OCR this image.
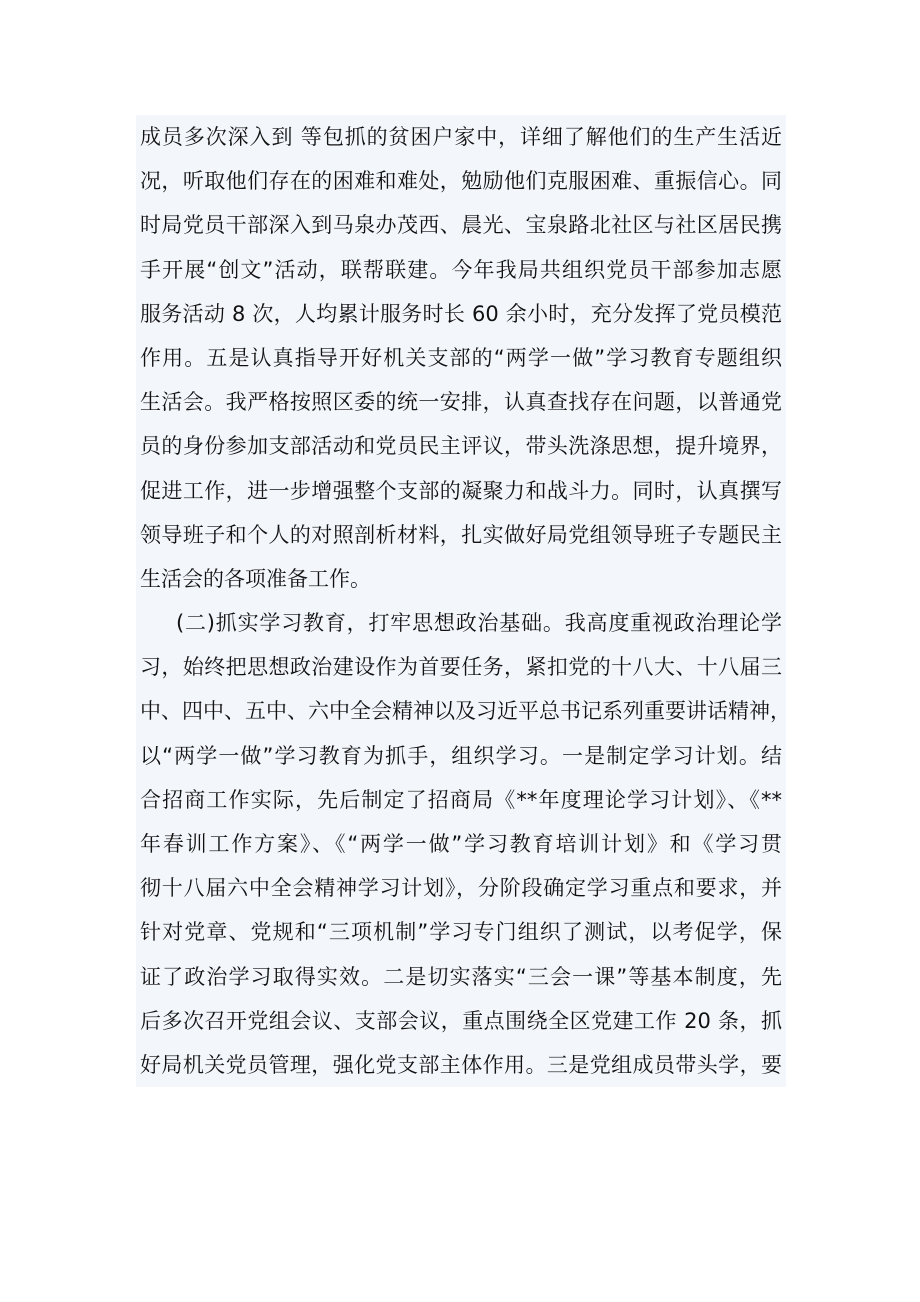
成员多次深入到 等包抓的贫困户家中，详细了解他们的生产生活近
况，听取他们存在的困难和难处，勉励他们克服困难、重振信心。同
时局党员干部深入到马泉办茂西、晨光、宝泉路北社区与社区居民携
手开展“创文”活动，联帮联建。今年我局共组织党员干部参加志愿
服务活动 8 次，人均累计服务时长 60 余小时，充分发挥了党员模范
作用。五是认真指导开好机关支部的“两学一做”学习教育专题组织
生活会。我严格按照区委的统一安排，认真查找存在问题，以普通党
员的身份参加支部活动和党员民主评议，带头洗涤思想，提升境界，
促进工作，进一步增强整个支部的凝聚力和战斗力。同时，认真撰写
领导班子和个人的对照剖析材料，扎实做好局党组领导班子专题民主
生活会的各项准备工作。
(二)抓实学习教育，打牢思想政治基础。我高度重视政治理论学
习，始终把思想政治建设作为首要任务，紧扣党的十八大、十八届三
中、四中、五中、六中全会精神以及习近平总书记系列重要讲话精神，
以“两学一做”学习教育为抓手，组织学习。一是制定学习计划。结
合招商工作实际，先后制定了招商局《**年度理论学习计划》、《**
年春训工作方案》、《“两学一做”学习教育培训计划》和《学习贯
彻十八届六中全会精神学习计划》，分阶段确定学习重点和要求，并
针对党章、党规和“三项机制”学习专门组织了测试，以考促学，保
证了政治学习取得实效。二是切实落实“三会一课”等基本制度，先
后多次召开党组会议、支部会议，重点围绕全区党建工作 20 条，抓
好局机关党员管理，强化党支部主体作用。三是党组成员带头学，要
